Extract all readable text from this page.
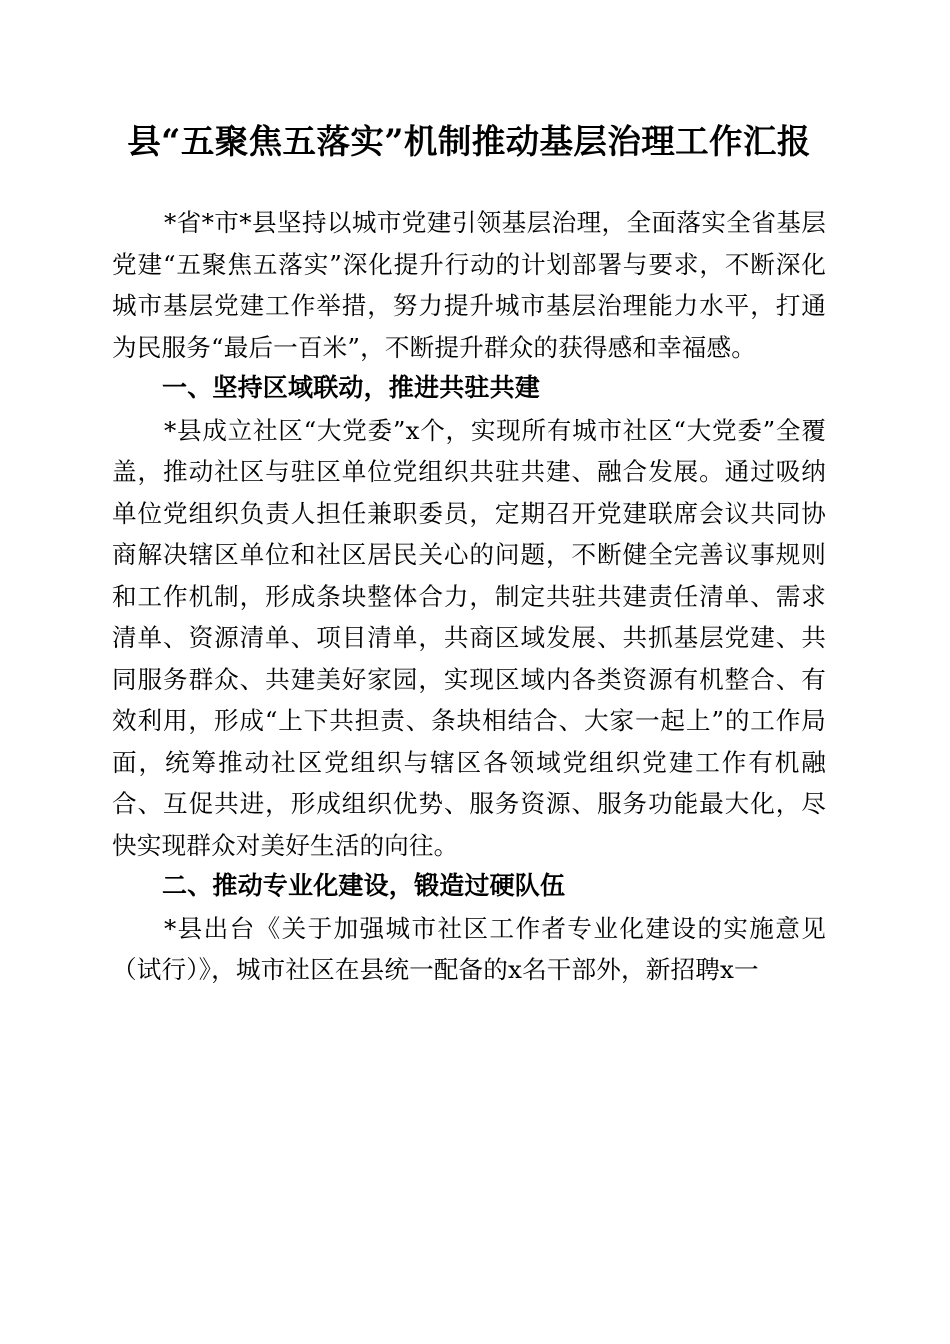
县“五聚焦五落实”机制推动基层治理工作汇报

*省*市*县坚持以城市党建引领基层治理，全面落实全省基层党建“五聚焦五落实”深化提升行动的计划部署与要求，不断深化城市基层党建工作举措，努力提升城市基层治理能力水平，打通为民服务“最后一百米”，不断提升群众的获得感和幸福感。

一、坚持区域联动，推进共驻共建

*县成立社区“大党委”x个，实现所有城市社区“大党委”全覆盖，推动社区与驻区单位党组织共驻共建、融合发展。通过吸纳单位党组织负责人担任兼职委员，定期召开党建联席会议共同协商解决辖区单位和社区居民关心的问题，不断健全完善议事规则和工作机制，形成条块整体合力，制定共驻共建责任清单、需求清单、资源清单、项目清单，共商区域发展、共抓基层党建、共同服务群众、共建美好家园，实现区域内各类资源有机整合、有效利用，形成“上下共担责、条块相结合、大家一起上”的工作局面，统筹推动社区党组织与辖区各领域党组织党建工作有机融合、互促共进，形成组织优势、服务资源、服务功能最大化，尽快实现群众对美好生活的向往。

二、推动专业化建设，锻造过硬队伍

*县出台《关于加强城市社区工作者专业化建设的实施意见（试行）》，城市社区在县统一配备的x名干部外，新招聘x一
